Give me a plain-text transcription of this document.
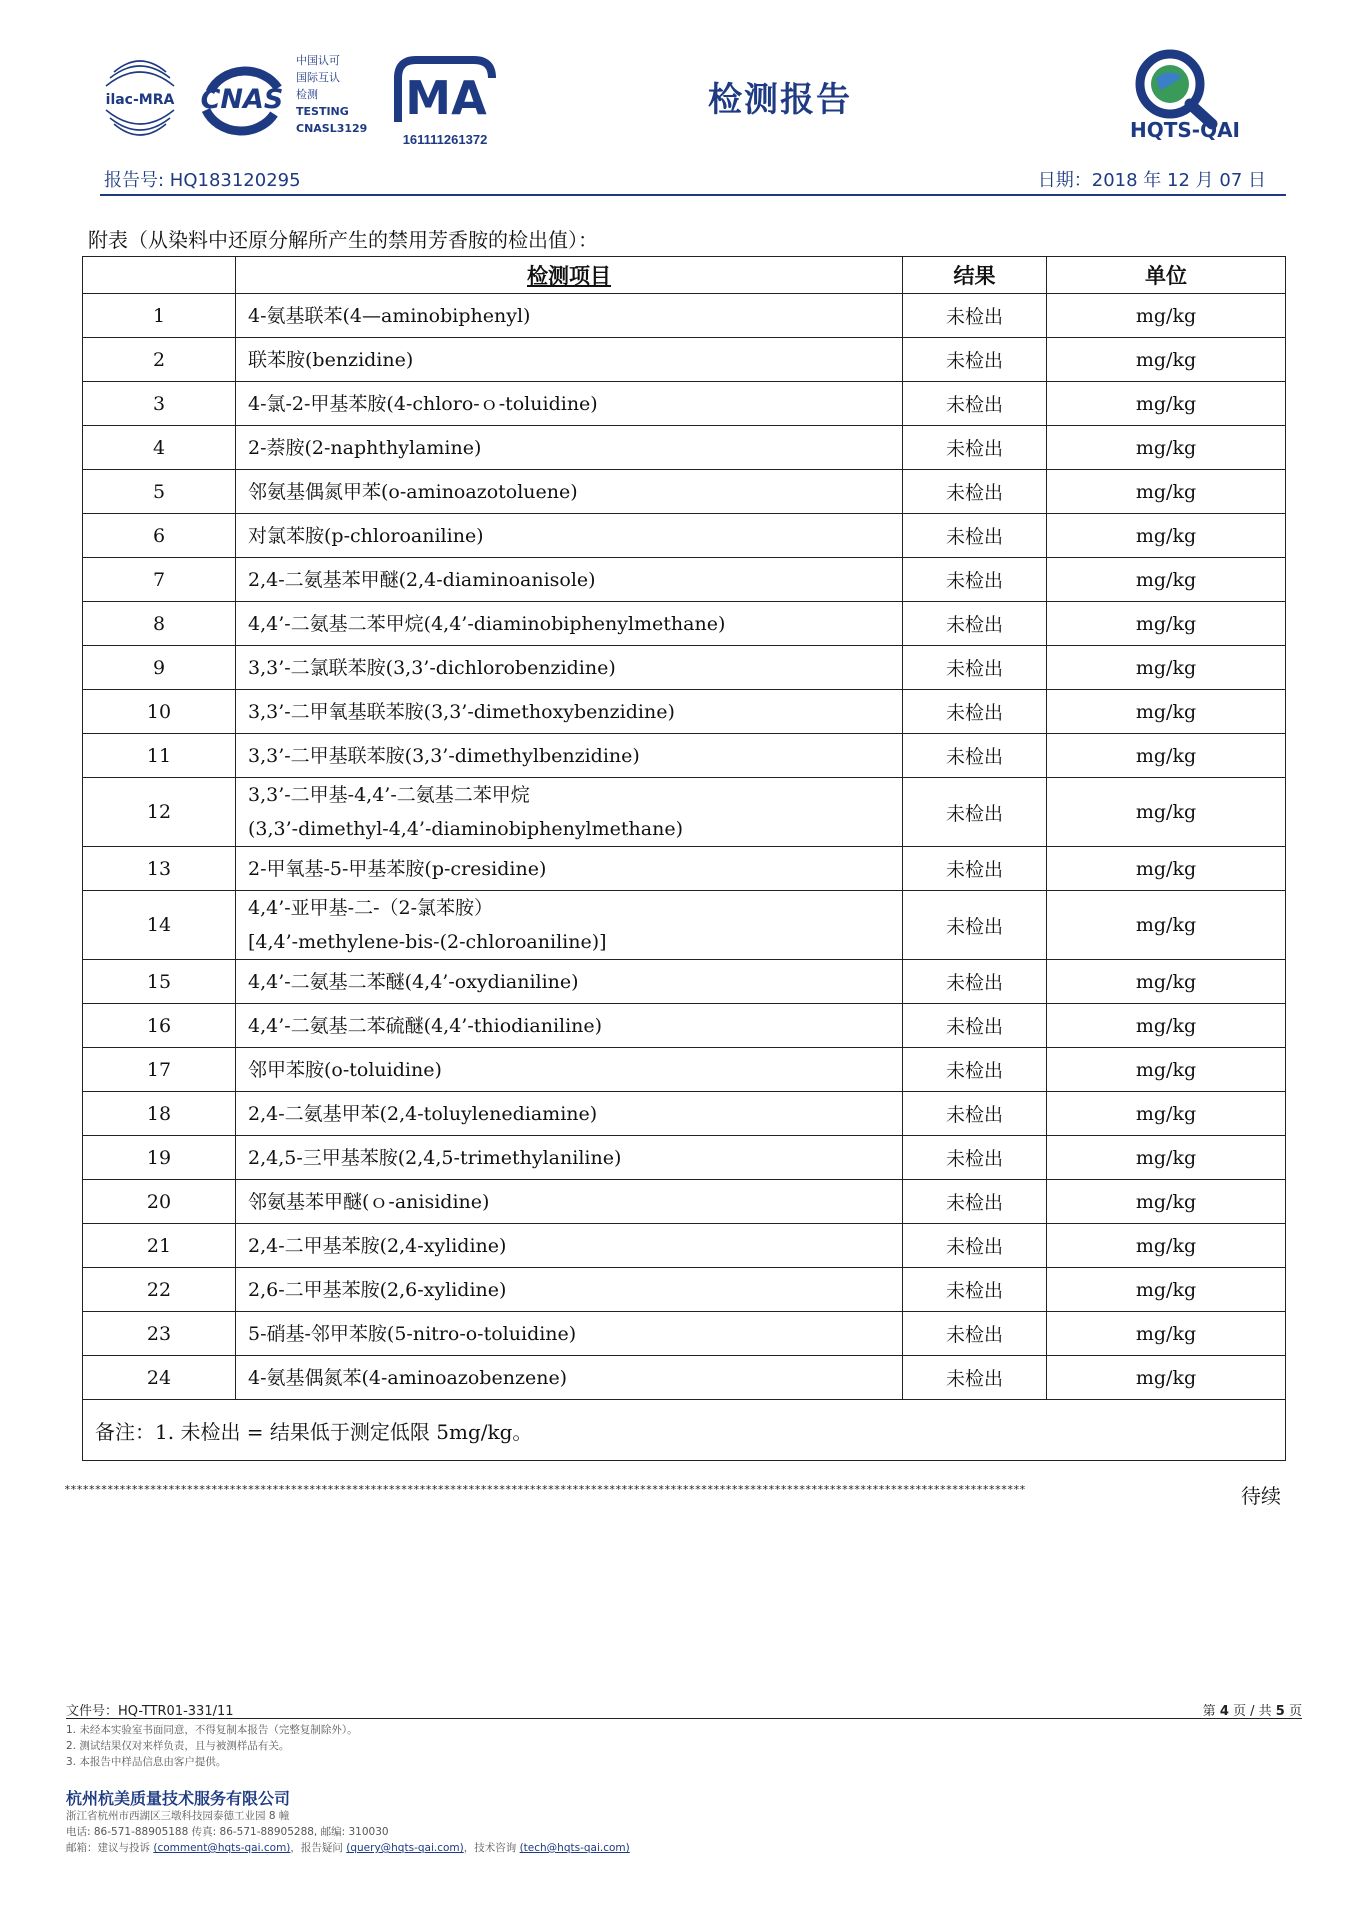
ilac-MRA CNAS
中国认可
国际互认
检测
TESTING
CNASL3129
MA
161111261372
检测报告
HQTS-QAI
报告号: HQ183120295	日期：2018 年 12 月 07 日
附表（从染料中还原分解所产生的禁用芳香胺的检出值）：
	检测项目	结果	单位
1	4-氨基联苯(4—aminobiphenyl)	未检出	mg/kg
2	联苯胺(benzidine)	未检出	mg/kg
3	4-氯-2-甲基苯胺(4-chloro-ｏ-toluidine)	未检出	mg/kg
4	2-萘胺(2-naphthylamine)	未检出	mg/kg
5	邻氨基偶氮甲苯(o-aminoazotoluene)	未检出	mg/kg
6	对氯苯胺(p-chloroaniline)	未检出	mg/kg
7	2,4-二氨基苯甲醚(2,4-diaminoanisole)	未检出	mg/kg
8	4,4’-二氨基二苯甲烷(4,4’-diaminobiphenylmethane)	未检出	mg/kg
9	3,3’-二氯联苯胺(3,3’-dichlorobenzidine)	未检出	mg/kg
10	3,3’-二甲氧基联苯胺(3,3’-dimethoxybenzidine)	未检出	mg/kg
11	3,3’-二甲基联苯胺(3,3’-dimethylbenzidine)	未检出	mg/kg
12	3,3’-二甲基-4,4’-二氨基二苯甲烷
(3,3’-dimethyl-4,4’-diaminobiphenylmethane)	未检出	mg/kg
13	2-甲氧基-5-甲基苯胺(p-cresidine)	未检出	mg/kg
14	4,4’-亚甲基-二-（2-氯苯胺）
[4,4’-methylene-bis-(2-chloroaniline)]	未检出	mg/kg
15	4,4’-二氨基二苯醚(4,4’-oxydianiline)	未检出	mg/kg
16	4,4’-二氨基二苯硫醚(4,4’-thiodianiline)	未检出	mg/kg
17	邻甲苯胺(o-toluidine)	未检出	mg/kg
18	2,4-二氨基甲苯(2,4-toluylenediamine)	未检出	mg/kg
19	2,4,5-三甲基苯胺(2,4,5-trimethylaniline)	未检出	mg/kg
20	邻氨基苯甲醚(ｏ-anisidine)	未检出	mg/kg
21	2,4-二甲基苯胺(2,4-xylidine)	未检出	mg/kg
22	2,6-二甲基苯胺(2,6-xylidine)	未检出	mg/kg
23	5-硝基-邻甲苯胺(5-nitro-o-toluidine)	未检出	mg/kg
24	4-氨基偶氮苯(4-aminoazobenzene)	未检出	mg/kg
备注：1. 未检出 = 结果低于测定低限 5mg/kg。			
*************************************************************************************************************************************************************	待续
文件号：HQ-TTR01-331/11	第 4 页 / 共 5 页
1. 未经本实验室书面同意，不得复制本报告（完整复制除外）。
2. 测试结果仅对来样负责，且与被测样品有关。
3. 本报告中样品信息由客户提供。
杭州杭美质量技术服务有限公司
浙江省杭州市西湖区三墩科技园泰德工业园 8 幢
电话: 86-571-88905188 传真: 86-571-88905288, 邮编: 310030
邮箱：建议与投诉 (comment@hqts-qai.com)，报告疑问 (query@hqts-qai.com)，技术咨询 (tech@hqts-qai.com)
